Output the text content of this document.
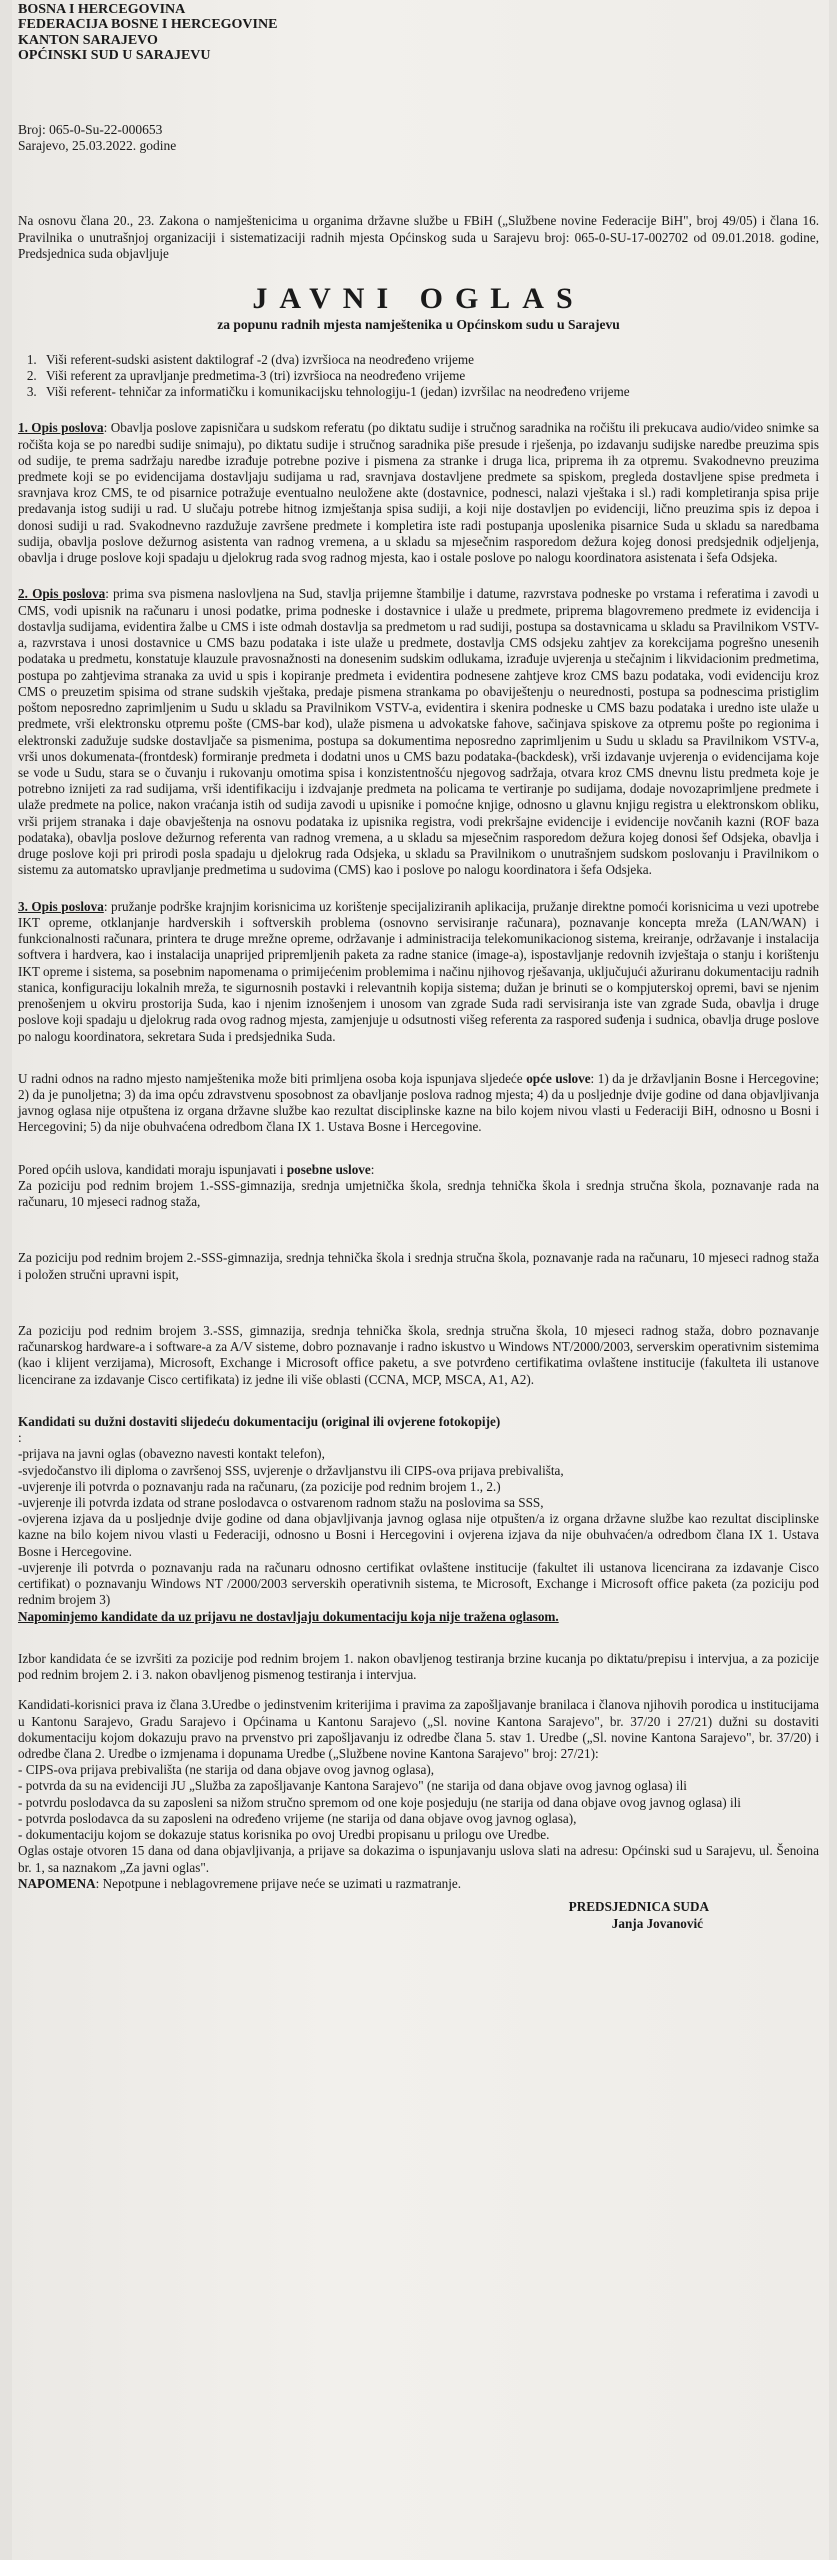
BOSNA I HERCEGOVINA
FEDERACIJA BOSNE I HERCEGOVINE
KANTON SARAJEVO
OPĆINSKI SUD U SARAJEVU
Broj: 065-0-Su-22-000653
Sarajevo, 25.03.2022. godine

Na osnovu člana 20., 23. Zakona o namještenicima u organima državne službe u FBiH („Službene novine Federacije BiH", broj 49/05) i člana 16. Pravilnika o unutrašnjoj organizaciji i sistematizaciji radnih mjesta Općinskog suda u Sarajevu broj: 065-0-SU-17-002702 od 09.01.2018. godine, Predsjednica suda objavljuje

JAVNI OGLAS
za popunu radnih mjesta namještenika u Općinskom sudu u Sarajevu
1. Viši referent-sudski asistent daktilograf -2 (dva) izvršioca na neodređeno vrijeme
2. Viši referent za upravljanje predmetima-3 (tri) izvršioca na neodređeno vrijeme
3. Viši referent- tehničar za informatičku i komunikacijsku tehnologiju-1 (jedan) izvršilac na neodređeno vrijeme

1. Opis poslova: Obavlja poslove zapisničara u sudskom referatu (po diktatu sudije i stručnog saradnika na ročištu ili prekucava audio/video snimke sa ročišta koja se po naredbi sudije snimaju), po diktatu sudije i stručnog saradnika piše presude i rješenja, po izdavanju sudijske naredbe preuzima spis od sudije, te prema sadržaju naredbe izrađuje potrebne pozive i pismena za stranke i druga lica, priprema ih za otpremu. Svakodnevno preuzima predmete koji se po evidencijama dostavljaju sudijama u rad, sravnjava dostavljene predmete sa spiskom, pregleda dostavljene spise predmeta i sravnjava kroz CMS, te od pisarnice potražuje eventualno neuložene akte (dostavnice, podnesci, nalazi vještaka i sl.) radi kompletiranja spisa prije predavanja istog sudiji u rad. U slučaju potrebe hitnog izmještanja spisa sudiji, a koji nije dostavljen po evidenciji, lično preuzima spis iz depoa i donosi sudiji u rad. Svakodnevno razdužuje završene predmete i kompletira iste radi postupanja uposlenika pisarnice Suda u skladu sa naredbama sudija, obavlja poslove dežurnog asistenta van radnog vremena, a u skladu sa mjesečnim rasporedom dežura kojeg donosi predsjednik odjeljenja, obavlja i druge poslove koji spadaju u djelokrug rada svog radnog mjesta, kao i ostale poslove po nalogu koordinatora asistenata i šefa Odsjeka.

2. Opis poslova: prima sva pismena naslovljena na Sud, stavlja prijemne štambilje i datume, razvrstava podneske po vrstama i referatima i zavodi u CMS, vodi upisnik na računaru i unosi podatke, prima podneske i dostavnice i ulaže u predmete, priprema blagovremeno predmete iz evidencija i dostavlja sudijama, evidentira žalbe u CMS i iste odmah dostavlja sa predmetom u rad sudiji, postupa sa dostavnicama u skladu sa Pravilnikom VSTV-a, razvrstava i unosi dostavnice u CMS bazu podataka i iste ulaže u predmete, dostavlja CMS odsjeku zahtjev za korekcijama pogrešno unesenih podataka u predmetu, konstatuje klauzule pravosnažnosti na donesenim sudskim odlukama, izrađuje uvjerenja u stečajnim i likvidacionim predmetima, postupa po zahtjevima stranaka za uvid u spis i kopiranje predmeta i evidentira podnesene zahtjeve kroz CMS bazu podataka, vodi evidenciju kroz CMS o preuzetim spisima od strane sudskih vještaka, predaje pismena strankama po obaviještenju o neurednosti, postupa sa podnescima pristiglim poštom neposredno zaprimljenim u Sudu u skladu sa Pravilnikom VSTV-a, evidentira i skenira podneske u CMS bazu podataka i uredno iste ulaže u predmete, vrši elektronsku otpremu pošte (CMS-bar kod), ulaže pismena u advokatske fahove, sačinjava spiskove za otpremu pošte po regionima i elektronski zadužuje sudske dostavljače sa pismenima, postupa sa dokumentima neposredno zaprimljenim u Sudu u skladu sa Pravilnikom VSTV-a, vrši unos dokumenata-(frontdesk) formiranje predmeta i dodatni unos u CMS bazu podataka-(backdesk), vrši izdavanje uvjerenja o evidencijama koje se vode u Sudu, stara se o čuvanju i rukovanju omotima spisa i konzistentnošću njegovog sadržaja, otvara kroz CMS dnevnu listu predmeta koje je potrebno iznijeti za rad sudijama, vrši identifikaciju i izdvajanje predmeta na policama te vertiranje po sudijama, dodaje novozaprimljene predmete i ulaže predmete na police, nakon vraćanja istih od sudija zavodi u upisnike i pomoćne knjige, odnosno u glavnu knjigu registra u elektronskom obliku, vrši prijem stranaka i daje obavještenja na osnovu podataka iz upisnika registra, vodi prekršajne evidencije i evidencije novčanih kazni (ROF baza podataka), obavlja poslove dežurnog referenta van radnog vremena, a u skladu sa mjesečnim rasporedom dežura kojeg donosi šef Odsjeka, obavlja i druge poslove koji pri prirodi posla spadaju u djelokrug rada Odsjeka, u skladu sa Pravilnikom o unutrašnjem sudskom poslovanju i Pravilnikom o sistemu za automatsko upravljanje predmetima u sudovima (CMS) kao i poslove po nalogu koordinatora i šefa Odsjeka.

3. Opis poslova: pružanje podrške krajnjim korisnicima uz korištenje specijaliziranih aplikacija, pružanje direktne pomoći korisnicima u vezi upotrebe IKT opreme, otklanjanje hardverskih i softverskih problema (osnovno servisiranje računara), poznavanje koncepta mreža (LAN/WAN) i funkcionalnosti računara, printera te druge mrežne opreme, održavanje i administracija telekomunikacionog sistema, kreiranje, održavanje i instalacija softvera i hardvera, kao i instalacija unaprijed pripremljenih paketa za radne stanice (image-a), ispostavljanje redovnih izvještaja o stanju i korištenju IKT opreme i sistema, sa posebnim napomenama o primijećenim problemima i načinu njihovog rješavanja, uključujući ažuriranu dokumentaciju radnih stanica, konfiguraciju lokalnih mreža, te sigurnosnih postavki i relevantnih kopija sistema; dužan je brinuti se o kompjuterskoj opremi, bavi se njenim prenošenjem u okviru prostorija Suda, kao i njenim iznošenjem i unosom van zgrade Suda radi servisiranja iste van zgrade Suda, obavlja i druge poslove koji spadaju u djelokrug rada ovog radnog mjesta, zamjenjuje u odsutnosti višeg referenta za raspored suđenja i sudnica, obavlja druge poslove po nalogu koordinatora, sekretara Suda i predsjednika Suda.

U radni odnos na radno mjesto namještenika može biti primljena osoba koja ispunjava sljedeće opće uslove: 1) da je državljanin Bosne i Hercegovine; 2) da je punoljetna; 3) da ima opću zdravstvenu sposobnost za obavljanje poslova radnog mjesta; 4) da u posljednje dvije godine od dana objavljivanja javnog oglasa nije otpuštena iz organa državne službe kao rezultat disciplinske kazne na bilo kojem nivou vlasti u Federaciji BiH, odnosno u Bosni i Hercegovini; 5) da nije obuhvaćena odredbom člana IX 1. Ustava Bosne i Hercegovine.

Pored općih uslova, kandidati moraju ispunjavati i posebne uslove:

Za poziciju pod rednim brojem 1.-SSS-gimnazija, srednja umjetnička škola, srednja tehnička škola i srednja stručna škola, poznavanje rada na računaru, 10 mjeseci radnog staža,

Za poziciju pod rednim brojem 2.-SSS-gimnazija, srednja tehnička škola i srednja stručna škola, poznavanje rada na računaru, 10 mjeseci radnog staža i položen stručni upravni ispit,

Za poziciju pod rednim brojem 3.-SSS, gimnazija, srednja tehnička škola, srednja stručna škola, 10 mjeseci radnog staža, dobro poznavanje računarskog hardware-a i software-a za A/V sisteme, dobro poznavanje i radno iskustvo u Windows NT/2000/2003, serverskim operativnim sistemima (kao i klijent verzijama), Microsoft, Exchange i Microsoft office paketu, a sve potvrđeno certifikatima ovlaštene institucije (fakulteta ili ustanove licencirane za izdavanje Cisco certifikata) iz jedne ili više oblasti (CCNA, MCP, MSCA, A1, A2).

Kandidati su dužni dostaviti slijedeću dokumentaciju (original ili ovjerene fotokopije)
:
-prijava na javni oglas (obavezno navesti kontakt telefon),
-svjedočanstvo ili diploma o završenoj SSS, uvjerenje o državljanstvu ili CIPS-ova prijava prebivališta,
-uvjerenje ili potvrda o poznavanju rada na računaru, (za pozicije pod rednim brojem 1., 2.)
-uvjerenje ili potvrda izdata od strane poslodavca o ostvarenom radnom stažu na poslovima sa SSS,
-ovjerena izjava da u posljednje dvije godine od dana objavljivanja javnog oglasa nije otpušten/a iz organa državne službe kao rezultat disciplinske kazne na bilo kojem nivou vlasti u Federaciji, odnosno u Bosni i Hercegovini i ovjerena izjava da nije obuhvaćen/a odredbom člana IX 1. Ustava Bosne i Hercegovine.
-uvjerenje ili potvrda o poznavanju rada na računaru odnosno certifikat ovlaštene institucije (fakultet ili ustanova licencirana za izdavanje Cisco certifikat) o poznavanju Windows NT /2000/2003 serverskih operativnih sistema, te Microsoft, Exchange i Microsoft office paketa (za poziciju pod rednim brojem 3)
Napominjemo kandidate da uz prijavu ne dostavljaju dokumentaciju koja nije tražena oglasom.

Izbor kandidata će se izvršiti za pozicije pod rednim brojem 1. nakon obavljenog testiranja brzine kucanja po diktatu/prepisu i intervjua, a za pozicije pod rednim brojem 2. i 3. nakon obavljenog pismenog testiranja i intervjua.

Kandidati-korisnici prava iz člana 3.Uredbe o jedinstvenim kriterijima i pravima za zapošljavanje branilaca i članova njihovih porodica u institucijama u Kantonu Sarajevo, Gradu Sarajevo i Općinama u Kantonu Sarajevo („Sl. novine Kantona Sarajevo", br. 37/20 i 27/21) dužni su dostaviti dokumentaciju kojom dokazuju pravo na prvenstvo pri zapošljavanju iz odredbe člana 5. stav 1. Uredbe („Sl. novine Kantona Sarajevo", br. 37/20) i odredbe člana 2. Uredbe o izmjenama i dopunama Uredbe („Službene novine Kantona Sarajevo" broj: 27/21):
- CIPS-ova prijava prebivališta (ne starija od dana objave ovog javnog oglasa),
- potvrda da su na evidenciji JU „Služba za zapošljavanje Kantona Sarajevo" (ne starija od dana objave ovog javnog oglasa) ili
- potvrdu poslodavca da su zaposleni sa nižom stručno spremom od one koje posjeduju (ne starija od dana objave ovog javnog oglasa) ili
- potvrda poslodavca da su zaposleni na određeno vrijeme (ne starija od dana objave ovog javnog oglasa),
- dokumentaciju kojom se dokazuje status korisnika po ovoj Uredbi propisanu u prilogu ove Uredbe.

Oglas ostaje otvoren 15 dana od dana objavljivanja, a prijave sa dokazima o ispunjavanju uslova slati na adresu: Općinski sud u Sarajevu, ul. Šenoina br. 1, sa naznakom „Za javni oglas".

NAPOMENA: Nepotpune i neblagovremene prijave neće se uzimati u razmatranje.

PREDSJEDNICA SUDA
Janja Jovanović
